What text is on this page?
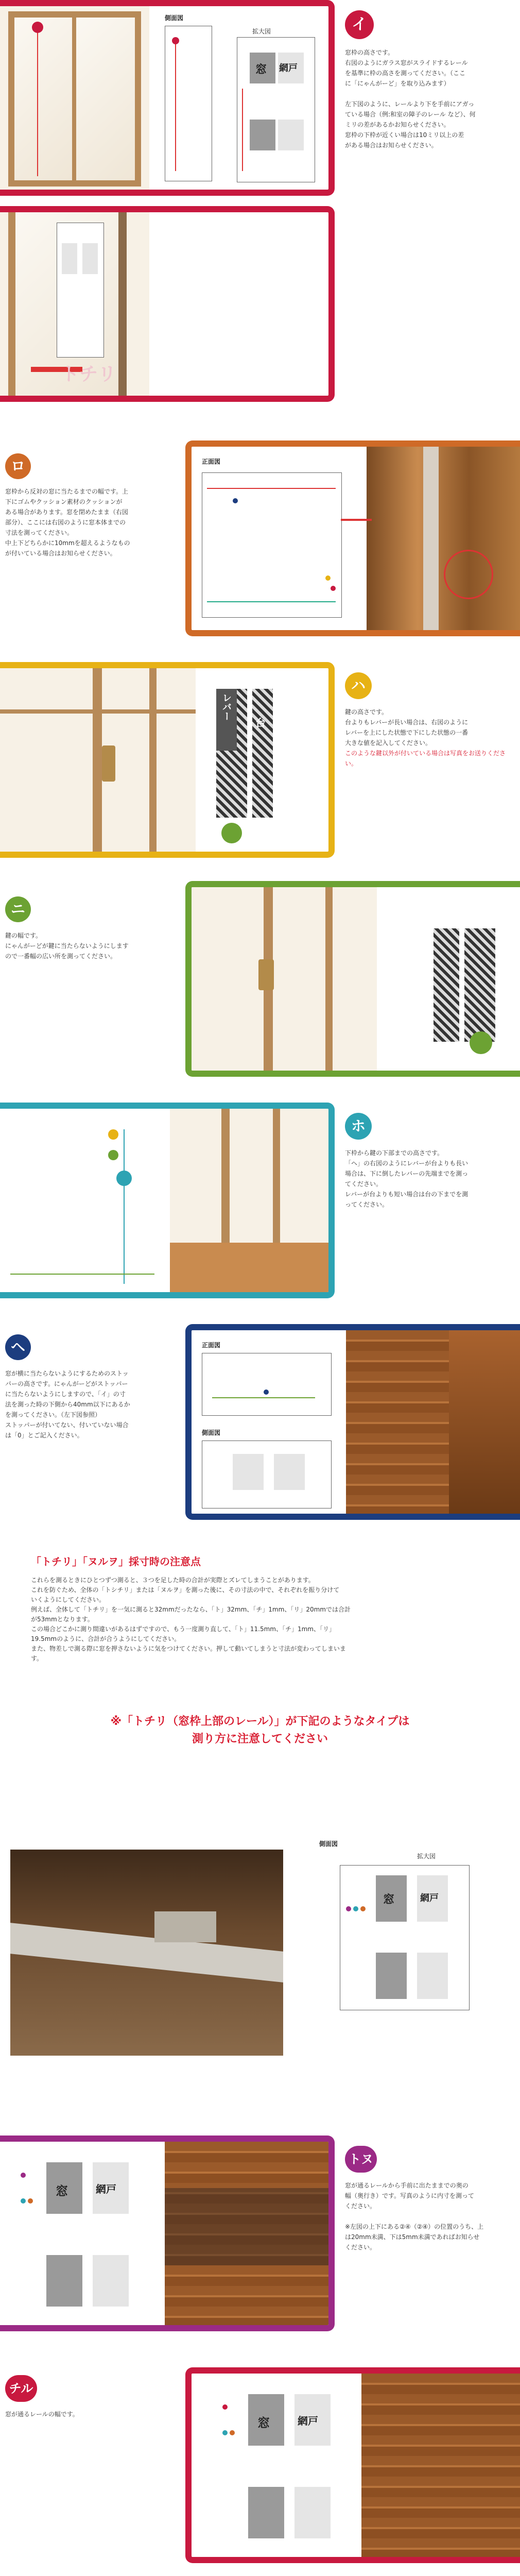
側面図
拡大図
窓 網戸
イ
窓枠の高さです。
右図のようにガラス窓がスライドするレール
を基準に枠の高さを測ってください。（ここ
に「にゃんがーど」を取り込みます）
左下図のように、レールより下を手前にアガっ
ている場合（例:和室の障子のレール など）、何
ミリの差があるかお知らせください。
窓枠の下枠が近くい場合は10ミリ以上の差
がある場合はお知らせください。
トチリ
ロ
窓枠から反対の窓に当たるまでの幅です。上
下にゴムやクッション素材のクッションが
ある場合があります。窓を閉めたまま（右図
部分）、ここには右図のように窓本体までの
寸法を測ってください。
中上下どちらかに10mmを超えるようなもの
が付いている場合はお知らせください。
正面図
レバー
台
ハ
鍵の高さです。
台よりもレバーが長い場合は、右図のように
レバーを上にした状態で下にした状態の一番
大きな値を記入してください。
このような鍵以外が付いている場合は写真をお送りください。
ニ
鍵の幅です。
にゃんがーどが鍵に当たらないようにします
ので一番幅の広い所を測ってください。
ホ
下枠から鍵の下部までの高さです。
「ヘ」の右図のようにレバーが台よりも長い
場合は、下に倒したレバーの先端までを測っ
てください。
レバーが台よりも短い場合は台の下までを測
ってください。
ヘ
窓が横に当たらないようにするためのストッ
パーの高さです。にゃんがーどがストッパー
に当たらないようにしますので、「イ」の寸
法を測った時の下側から40mm以下にあるか
を測ってください。（左下図参照）
ストッパーが付いてない、付いていない場合
は「0」とご記入ください。
正面図
側面図
「トチリ」「ヌルヲ」採寸時の注意点
これらを測るときにひとつずつ測ると、３つを足した時の合計が実際とズレてしまうことがあります。
これを防ぐため、全体の「トシチリ」または「ヌルヲ」を測った後に、その寸法の中で、それぞれを振り分けて
いくようにしてください。
例えば、全体して「トチリ」を一気に測ると32mmだったなら、「ト」32mm、「チ」1mm、「リ」20mmでは合計
が53mmとなります。
この場合どこかに測り間違いがあるはずですので、もう一度測り直して、「ト」11.5mm、「チ」1mm、「リ」
19.5mmのように、合計が合うようにしてください。
また、物差しで測る際に窓を押さないように気をつけてください。押して動いてしまうと寸法が変わってしまいま
す。
※「トチリ（窓枠上部のレール）」が下記のようなタイプは
測り方に注意してください
側面図
拡大図
窓	網戸
窓	網戸
トヌ
窓が通るレールから手前に出たままでの奥の
幅（奥行き）です。写真のように内寸を測って
ください。
※左図の上下にある②④（②④）の位置のうち、上
は20mm未満、下は5mm未満であればお知らせ
ください。
チル
窓が通るレールの幅です。
窓	網戸
